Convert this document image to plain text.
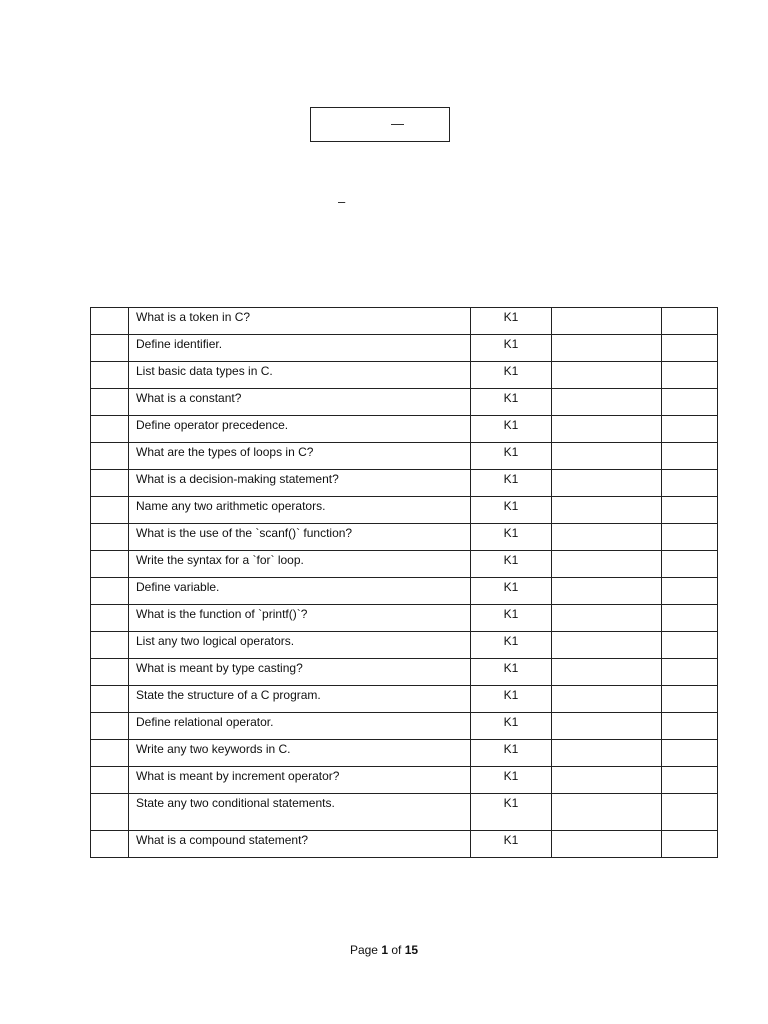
—
–
	What is a token in C?	K1		
	Define identifier.	K1		
	List basic data types in C.	K1		
	What is a constant?	K1		
	Define operator precedence.	K1		
	What are the types of loops in C?	K1		
	What is a decision-making statement?	K1		
	Name any two arithmetic operators.	K1		
	What is the use of the `scanf()` function?	K1		
	Write the syntax for a `for` loop.	K1		
	Define variable.	K1		
	What is the function of `printf()`?	K1		
	List any two logical operators.	K1		
	What is meant by type casting?	K1		
	State the structure of a C program.	K1		
	Define relational operator.	K1		
	Write any two keywords in C.	K1		
	What is meant by increment operator?	K1		
	State any two conditional statements.	K1		
	What is a compound statement?	K1		
Page 1 of 15
